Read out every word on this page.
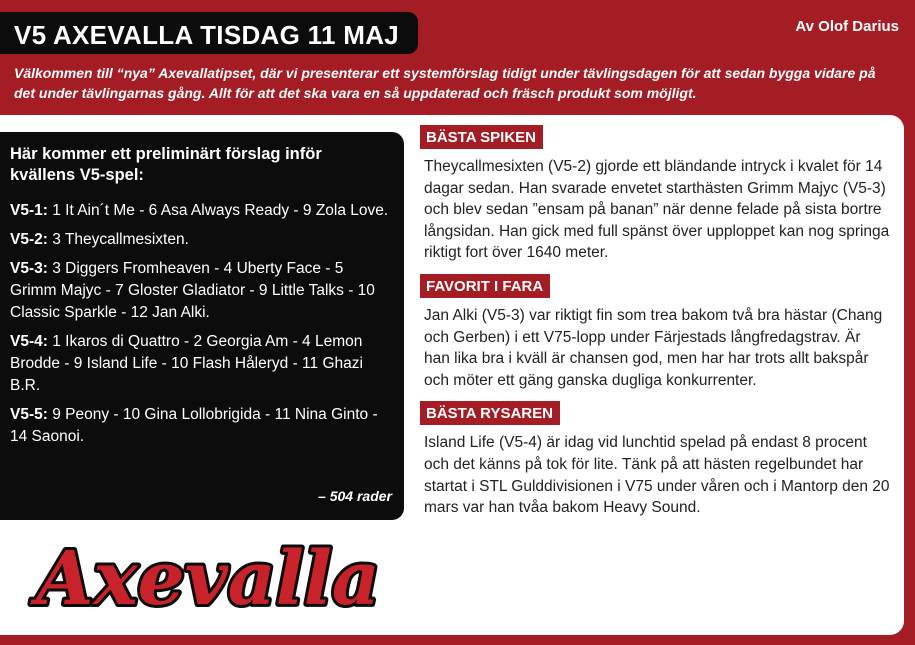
V5 AXEVALLA TISDAG 11 MAJ	Av Olof Darius
Välkommen till “nya” Axevallatipset, där vi presenterar ett systemförslag tidigt under tävlingsdagen för att sedan bygga vidare på det under tävlingarnas gång. Allt för att det ska vara en så uppdaterad och fräsch produkt som möjligt.
Här kommer ett preliminärt förslag inför kvällens V5-spel:
V5-1: 1 It Ain´t Me - 6 Asa Always Ready - 9 Zola Love.
V5-2: 3 Theycallmesixten.
V5-3: 3 Diggers Fromheaven - 4 Uberty Face - 5 Grimm Majyc - 7 Gloster Gladiator - 9 Little Talks - 10 Classic Sparkle - 12 Jan Alki.
V5-4: 1 Ikaros di Quattro - 2 Georgia Am - 4 Lemon Brodde - 9 Island Life - 10 Flash Håleryd - 11 Ghazi B.R.
V5-5: 9 Peony - 10 Gina Lollobrigida - 11 Nina Ginto - 14 Saonoi.
– 504 rader
Axevalla
BÄSTA SPIKEN
Theycallmesixten (V5-2) gjorde ett bländande intryck i kvalet för 14 dagar sedan. Han svarade envetet starthästen Grimm Majyc (V5-3) och blev sedan ”ensam på banan” när denne felade på sista bortre långsidan. Han gick med full spänst över upploppet kan nog springa riktigt fort över 1640 meter.
FAVORIT I FARA
Jan Alki (V5-3) var riktigt fin som trea bakom två bra hästar (Chang och Gerben) i ett V75-lopp under Färjestads långfredagstrav. Är han lika bra i kväll är chansen god, men har har trots allt bakspår och möter ett gäng ganska dugliga konkurrenter.
BÄSTA RYSAREN
Island Life (V5-4) är idag vid lunchtid spelad på endast 8 procent och det känns på tok för lite. Tänk på att hästen regelbundet har startat i STL Gulddivisionen i V75 under våren och i Mantorp den 20 mars var han tvåa bakom Heavy Sound.
